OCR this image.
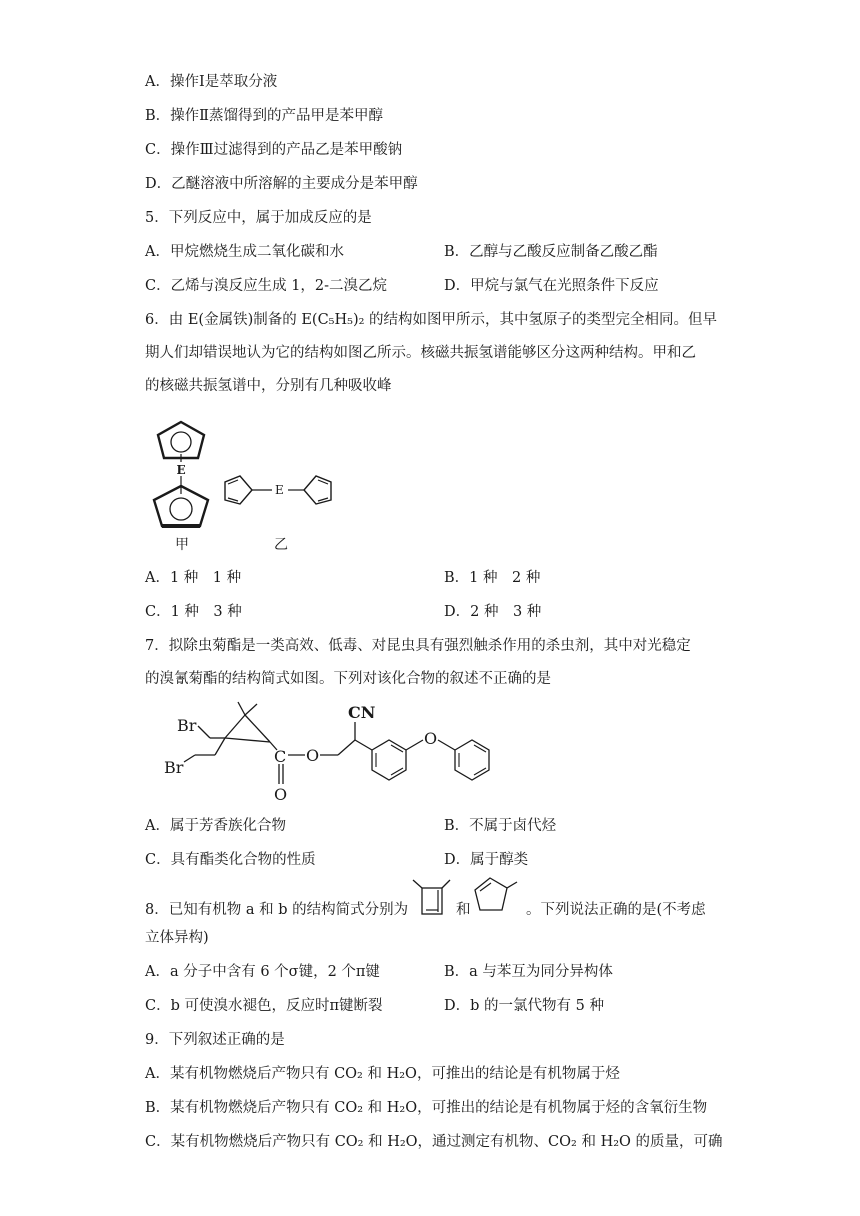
A．操作Ⅰ是萃取分液
B．操作Ⅱ蒸馏得到的产品甲是苯甲醇
C．操作Ⅲ过滤得到的产品乙是苯甲酸钠
D．乙醚溶液中所溶解的主要成分是苯甲醇
5．下列反应中，属于加成反应的是
A．甲烷燃烧生成二氧化碳和水	B．乙醇与乙酸反应制备乙酸乙酯
C．乙烯与溴反应生成 1，2-二溴乙烷	D．甲烷与氯气在光照条件下反应
6．由 E(金属铁)制备的 E(C₅H₅)₂ 的结构如图甲所示，其中氢原子的类型完全相同。但早
期人们却错误地认为它的结构如图乙所示。核磁共振氢谱能够区分这两种结构。甲和乙
的核磁共振氢谱中，分别有几种吸收峰
E
甲
E
乙
A．1 种　1 种	B．1 种　2 种
C．1 种　3 种	D．2 种　3 种
7．拟除虫菊酯是一类高效、低毒、对昆虫具有强烈触杀作用的杀虫剂，其中对光稳定
的溴氰菊酯的结构简式如图。下列对该化合物的叙述不正确的是
Br
Br
C
O
O
CN
O
A．属于芳香族化合物	B．不属于卤代烃
C．具有酯类化合物的性质	D．属于醇类
8．已知有机物 a 和 b 的结构简式分别为	和	。下列说法正确的是(不考虑
立体异构)
A．a 分子中含有 6 个σ键，2 个π键	B．a 与苯互为同分异构体
C．b 可使溴水褪色，反应时π键断裂	D．b 的一氯代物有 5 种
9．下列叙述正确的是
A．某有机物燃烧后产物只有 CO₂ 和 H₂O，可推出的结论是有机物属于烃
B．某有机物燃烧后产物只有 CO₂ 和 H₂O，可推出的结论是有机物属于烃的含氧衍生物
C．某有机物燃烧后产物只有 CO₂ 和 H₂O，通过测定有机物、CO₂ 和 H₂O 的质量，可确
